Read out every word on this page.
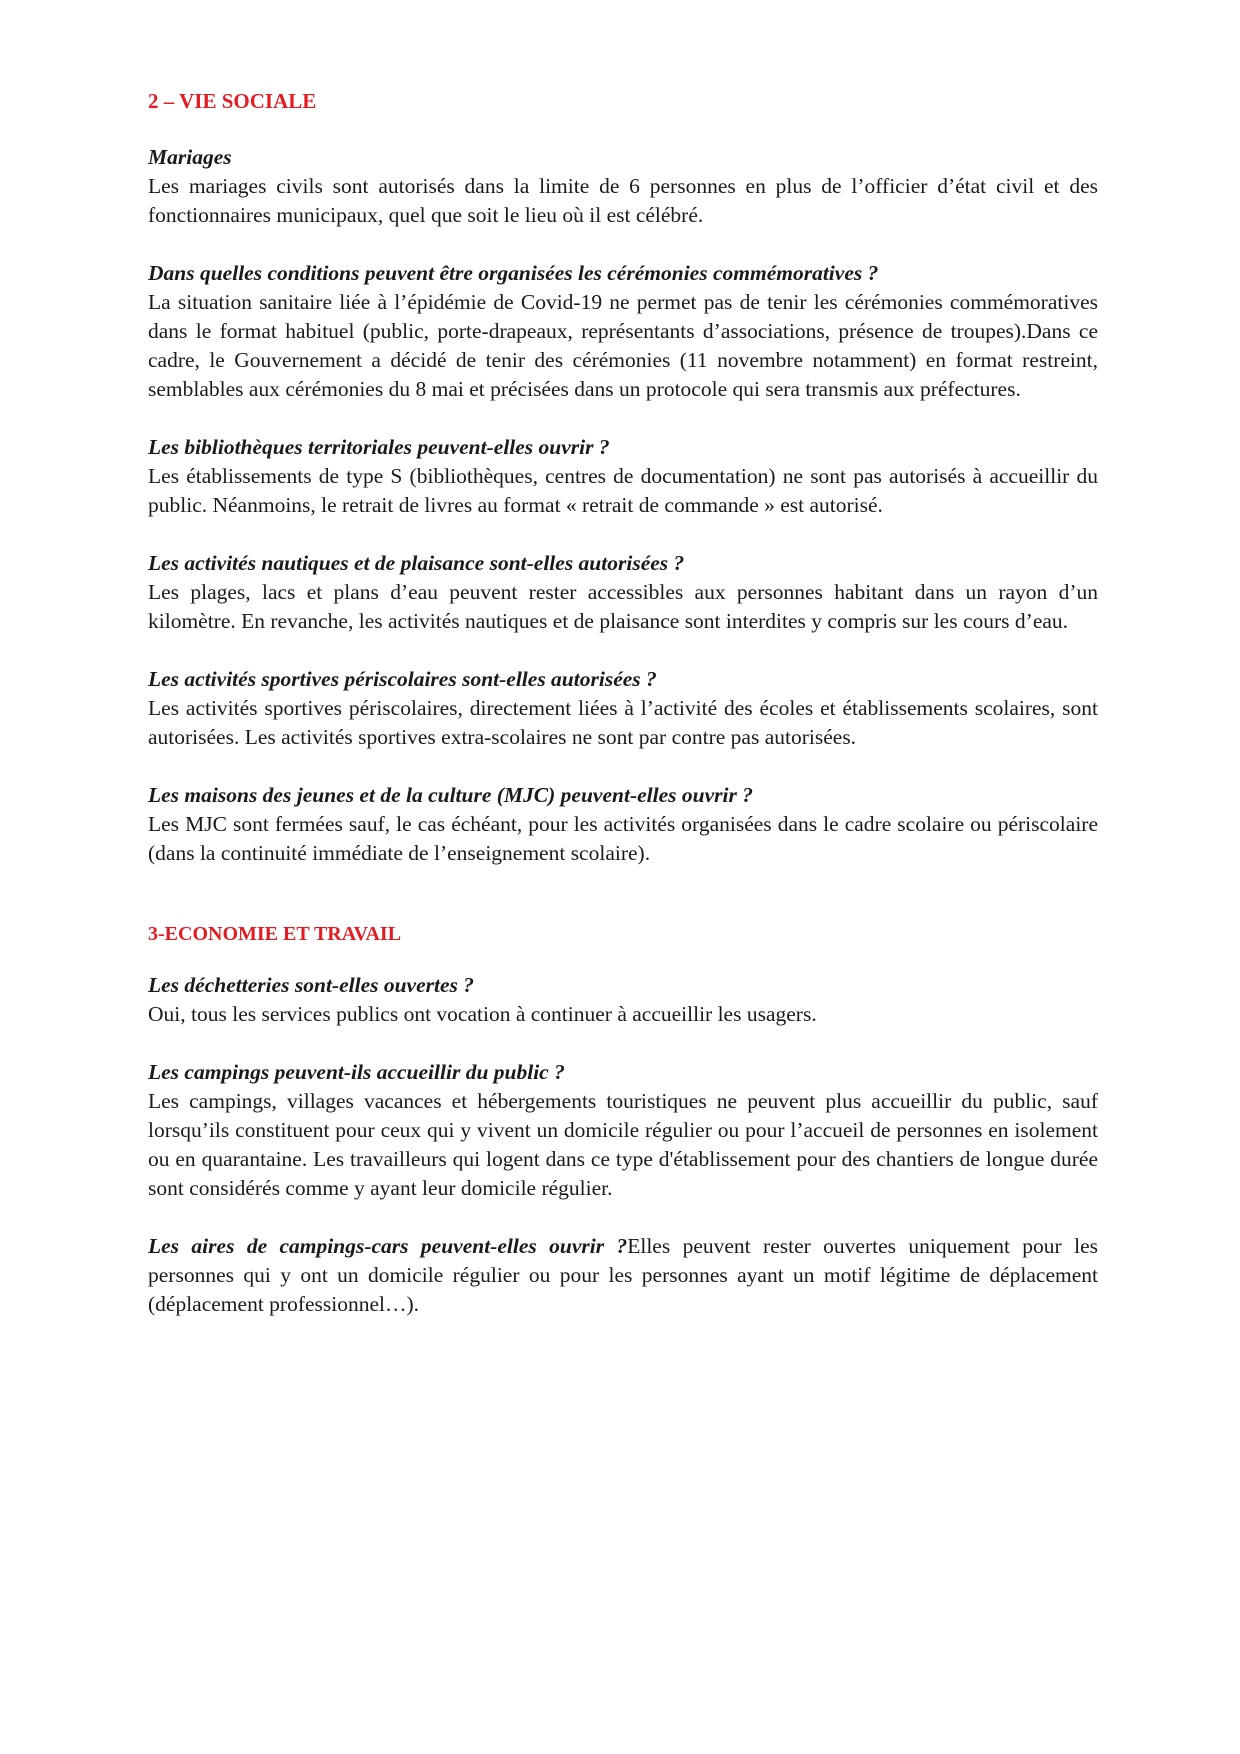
2 – VIE SOCIALE

Mariages

Les mariages civils sont autorisés dans la limite de 6 personnes en plus de l’officier d’état civil et des fonctionnaires municipaux, quel que soit le lieu où il est célébré.

Dans quelles conditions peuvent être organisées les cérémonies commémoratives ?

La situation sanitaire liée à l’épidémie de Covid-19 ne permet pas de tenir les cérémonies commémoratives dans le format habituel (public, porte-drapeaux, représentants d’associations, présence de troupes).Dans ce cadre, le Gouvernement a décidé de tenir des cérémonies (11 novembre notamment) en format restreint, semblables aux cérémonies du 8 mai et précisées dans un protocole qui sera transmis aux préfectures.

Les bibliothèques territoriales peuvent-elles ouvrir ?

Les établissements de type S (bibliothèques, centres de documentation) ne sont pas autorisés à accueillir du public. Néanmoins, le retrait de livres au format « retrait de commande » est autorisé.

Les activités nautiques et de plaisance sont-elles autorisées ?

Les plages, lacs et plans d’eau peuvent rester accessibles aux personnes habitant dans un rayon d’un kilomètre. En revanche, les activités nautiques et de plaisance sont interdites y compris sur les cours d’eau.

Les activités sportives périscolaires sont-elles autorisées ?

Les activités sportives périscolaires, directement liées à l’activité des écoles et établissements scolaires, sont autorisées. Les activités sportives extra-scolaires ne sont par contre pas autorisées.

Les maisons des jeunes et de la culture (MJC) peuvent-elles ouvrir ?

Les MJC sont fermées sauf, le cas échéant, pour les activités organisées dans le cadre scolaire ou périscolaire (dans la continuité immédiate de l’enseignement scolaire).

3-ECONOMIE ET TRAVAIL

Les déchetteries sont-elles ouvertes ?

Oui, tous les services publics ont vocation à continuer à accueillir les usagers.

Les campings peuvent-ils accueillir du public ?

Les campings, villages vacances et hébergements touristiques ne peuvent plus accueillir du public, sauf lorsqu’ils constituent pour ceux qui y vivent un domicile régulier ou pour l’accueil de personnes en isolement ou en quarantaine. Les travailleurs qui logent dans ce type d'établissement pour des chantiers de longue durée sont considérés comme y ayant leur domicile régulier.

Les aires de campings-cars peuvent-elles ouvrir ?Elles peuvent rester ouvertes uniquement pour les personnes qui y ont un domicile régulier ou pour les personnes ayant un motif légitime de déplacement (déplacement professionnel…).
